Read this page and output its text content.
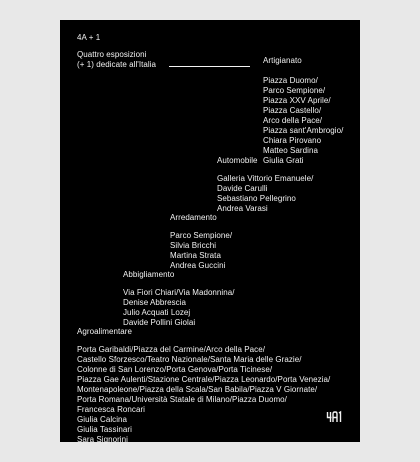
4A + 1
Quattro esposizioni
(+ 1) dedicate all'Italia	Artigianato
Piazza Duomo/
Parco Sempione/
Piazza XXV Aprile/
Piazza Castello/
Arco della Pace/
Piazza sant'Ambrogio/
Chiara Pirovano
Matteo Sardina
Giulia Grati
Automobile
Galleria Vittorio Emanuele/
Davide Carulli
Sebastiano Pellegrino
Andrea Varasi
Arredamento
Parco Sempione/
Silvia Bricchi
Martina Strata
Andrea Guccini
Abbigliamento
Via Fiori Chiari/Via Madonnina/
Denise Abbrescia
Julio Acquati Lozej
Davide Pollini Giolai
Agroalimentare
Porta Garibaldi/Piazza del Carmine/Arco della Pace/
Castello Sforzesco/Teatro Nazionale/Santa Maria delle Grazie/
Colonne di San Lorenzo/Porta Genova/Porta Ticinese/
Piazza Gae Aulenti/Stazione Centrale/Piazza Leonardo/Porta Venezia/
Montenapoleone/Piazza della Scala/San Babila/Piazza V Giornate/
Porta Romana/Università Statale di Milano/Piazza Duomo/
Francesca Roncari
Giulia Calcina
Giulia Tassinari
Sara Signorini
